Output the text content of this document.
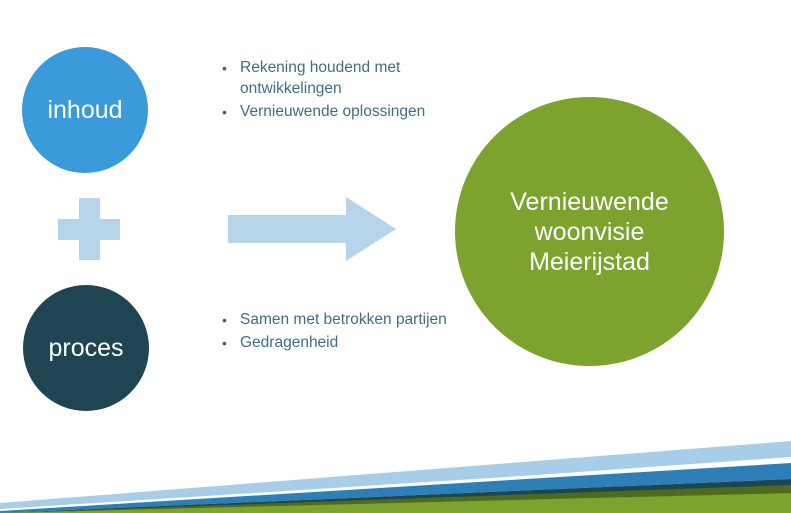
inhoud
proces
• Rekening houdend met ontwikkelingen
• Vernieuwende oplossingen
• Samen met betrokken partijen
• Gedragenheid
Vernieuwende
woonvisie
Meierijstad
